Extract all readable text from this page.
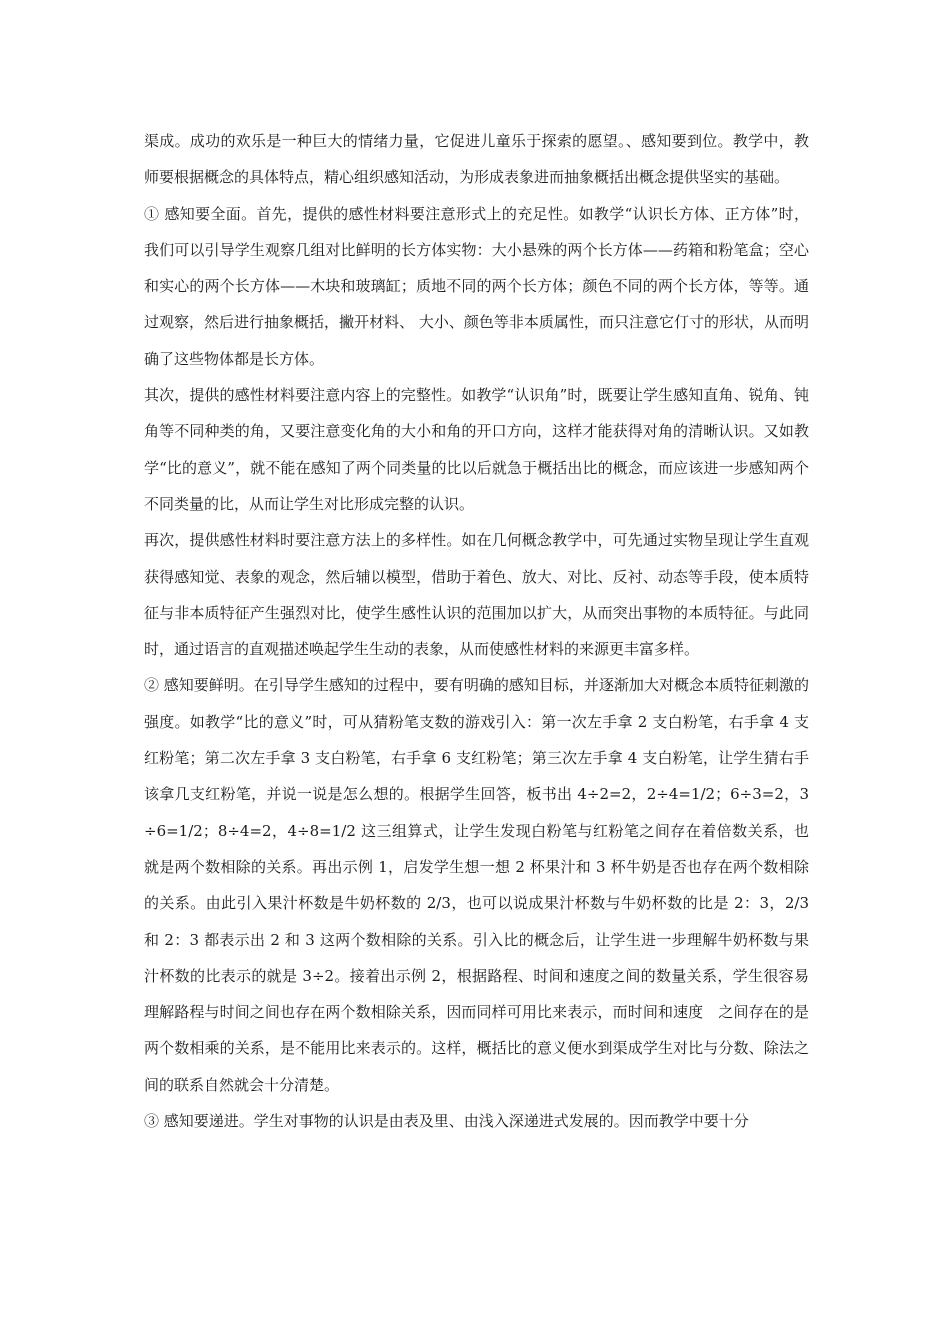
渠成。成功的欢乐是一种巨大的情绪力量，它促进儿童乐于探索的愿望。、感知要到位。教学中，教师要根据概念的具体特点，精心组织感知活动，为形成表象进而抽象概括出概念提供坚实的基础。

① 感知要全面。首先，提供的感性材料要注意形式上的充足性。如教学“认识长方体、正方体”时，我们可以引导学生观察几组对比鲜明的长方体实物：大小悬殊的两个长方体——药箱和粉笔盒；空心和实心的两个长方体——木块和玻璃缸；质地不同的两个长方体；颜色不同的两个长方体，等等。通过观察，然后进行抽象概括，撇开材料、 大小、颜色等非本质属性，而只注意它仃寸的形状，从而明确了这些物体都是长方体。

其次，提供的感性材料要注意内容上的完整性。如教学“认识角”时，既要让学生感知直角、锐角、钝角等不同种类的角，又要注意变化角的大小和角的开口方向，这样才能获得对角的清晰认识。又如教学“比的意义”，就不能在感知了两个同类量的比以后就急于概括出比的概念，而应该进一步感知两个不同类量的比，从而让学生对比形成完整的认识。

再次，提供感性材料时要注意方法上的多样性。如在几何概念教学中，可先通过实物呈现让学生直观获得感知觉、表象的观念，然后辅以模型，借助于着色、放大、对比、反衬、动态等手段，使本质特征与非本质特征产生强烈对比，使学生感性认识的范围加以扩大，从而突出事物的本质特征。与此同时，通过语言的直观描述唤起学生生动的表象，从而使感性材料的来源更丰富多样。

② 感知要鲜明。在引导学生感知的过程中，要有明确的感知目标，并逐渐加大对概念本质特征刺激的强度。如教学“比的意义”时，可从猜粉笔支数的游戏引入：第一次左手拿 2 支白粉笔，右手拿 4 支红粉笔；第二次左手拿 3 支白粉笔，右手拿 6 支红粉笔；第三次左手拿 4 支白粉笔，让学生猜右手该拿几支红粉笔，并说一说是怎么想的。根据学生回答，板书出 4÷2=2，2÷4=1/2；6÷3=2，3÷6=1/2；8÷4=2，4÷8=1/2 这三组算式，让学生发现白粉笔与红粉笔之间存在着倍数关系，也就是两个数相除的关系。再出示例 1，启发学生想一想 2 杯果汁和 3 杯牛奶是否也存在两个数相除的关系。由此引入果汁杯数是牛奶杯数的 2/3，也可以说成果汁杯数与牛奶杯数的比是 2：3，2/3 和 2：3 都表示出 2 和 3 这两个数相除的关系。引入比的概念后，让学生进一步理解牛奶杯数与果汁杯数的比表示的就是 3÷2。接着出示例 2，根据路程、时间和速度之间的数量关系，学生很容易理解路程与时间之间也存在两个数相除关系，因而同样可用比来表示，而时间和速度　之间存在的是两个数相乘的关系，是不能用比来表示的。这样，概括比的意义便水到渠成学生对比与分数、除法之间的联系自然就会十分清楚。

③ 感知要递进。学生对事物的认识是由表及里、由浅入深递进式发展的。因而教学中要十分
